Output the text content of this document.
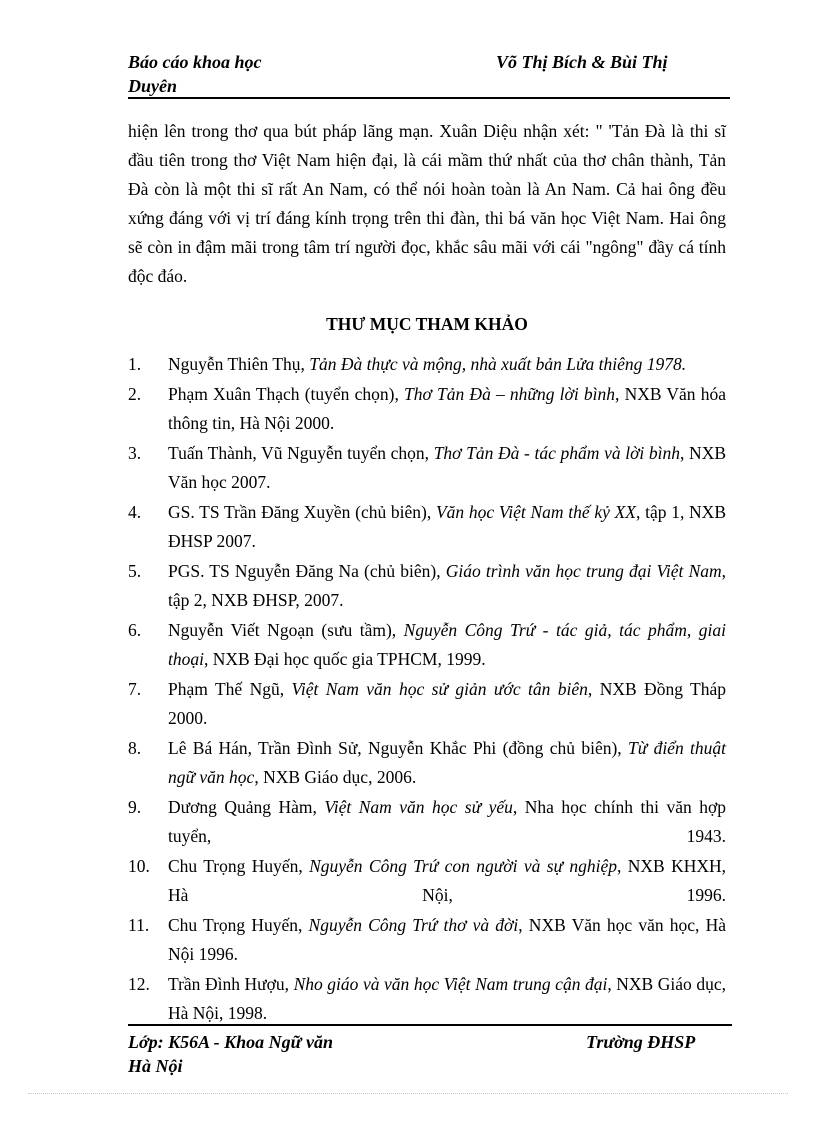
Báo cáo khoa học	Võ Thị Bích & Bùi Thị
Duyên

hiện lên trong thơ qua bút pháp lãng mạn. Xuân Diệu nhận xét: " 'Tản Đà là thi sĩ đầu tiên trong thơ Việt Nam hiện đại, là cái mầm thứ nhất của thơ chân thành, Tản Đà còn là một thi sĩ rất An Nam, có thể nói hoàn toàn là An Nam. Cả hai ông đều xứng đáng với vị trí đáng kính trọng trên thi đàn, thi bá văn học Việt Nam. Hai ông sẽ còn in đậm mãi trong tâm trí người đọc, khắc sâu mãi với cái "ngông" đầy cá tính độc đáo.

THƯ MỤC THAM KHẢO
1. Nguyễn Thiên Thụ, Tản Đà thực và mộng, nhà xuất bản Lửa thiêng 1978.
2. Phạm Xuân Thạch (tuyển chọn), Thơ Tản Đà – những lời bình, NXB Văn hóa thông tin, Hà Nội 2000.
3. Tuấn Thành, Vũ Nguyễn tuyển chọn, Thơ Tản Đà - tác phẩm và lời bình, NXB Văn học 2007.
4. GS. TS Trần Đăng Xuyền (chủ biên), Văn học Việt Nam thế kỷ XX, tập 1, NXB ĐHSP 2007.
5. PGS. TS Nguyễn Đăng Na (chủ biên), Giáo trình văn học trung đại Việt Nam, tập 2, NXB ĐHSP, 2007.
6. Nguyễn Viết Ngoạn (sưu tầm), Nguyễn Công Trứ - tác giả, tác phẩm, giai thoại, NXB Đại học quốc gia TPHCM, 1999.
7. Phạm Thế Ngũ, Việt Nam văn học sử giản ước tân biên, NXB Đồng Tháp 2000.
8. Lê Bá Hán, Trần Đình Sử, Nguyễn Khắc Phi (đồng chủ biên), Từ điển thuật ngữ văn học, NXB Giáo dục, 2006.
9. Dương Quảng Hàm, Việt Nam văn học sử yếu, Nha học chính thi văn hợp tuyển, 1943.
10. Chu Trọng Huyến, Nguyễn Công Trứ con người và sự nghiệp, NXB KHXH, Hà Nội, 1996.
11. Chu Trọng Huyến, Nguyễn Công Trứ thơ và đời, NXB Văn học văn học, Hà Nội 1996.
12. Trần Đình Hượu, Nho giáo và văn học Việt Nam trung cận đại, NXB Giáo dục, Hà Nội, 1998.
Lớp: K56A - Khoa Ngữ văn	Trường ĐHSP
Hà Nội
